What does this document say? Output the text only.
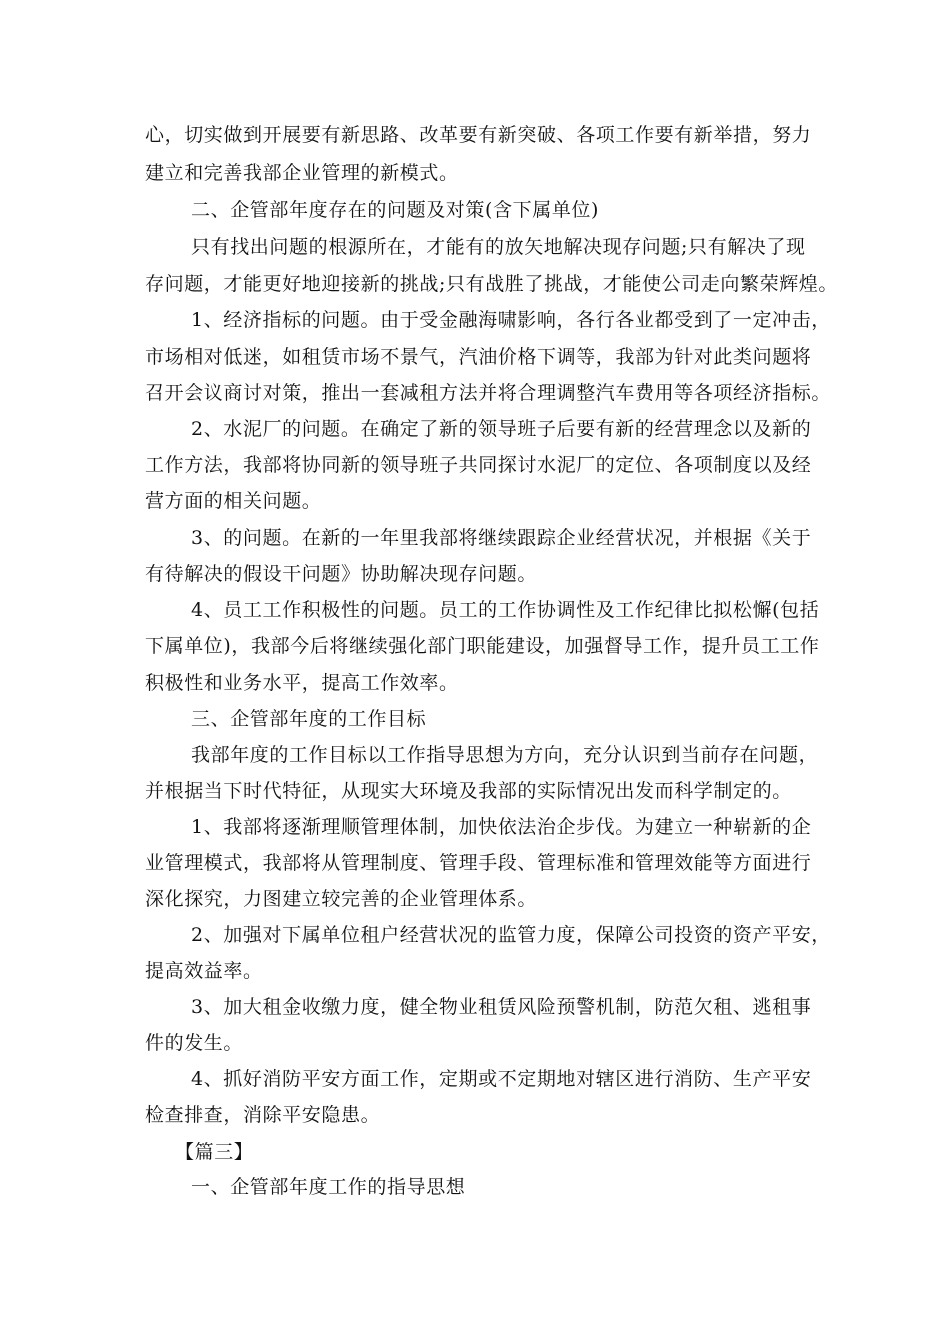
心，切实做到开展要有新思路、改革要有新突破、各项工作要有新举措，努力
建立和完善我部企业管理的新模式。
二、企管部年度存在的问题及对策(含下属单位)
只有找出问题的根源所在，才能有的放矢地解决现存问题;只有解决了现
存问题，才能更好地迎接新的挑战;只有战胜了挑战，才能使公司走向繁荣辉煌。
1、经济指标的问题。由于受金融海啸影响，各行各业都受到了一定冲击，
市场相对低迷，如租赁市场不景气，汽油价格下调等，我部为针对此类问题将
召开会议商讨对策，推出一套减租方法并将合理调整汽车费用等各项经济指标。
2、水泥厂的问题。在确定了新的领导班子后要有新的经营理念以及新的
工作方法，我部将协同新的领导班子共同探讨水泥厂的定位、各项制度以及经
营方面的相关问题。
3、的问题。在新的一年里我部将继续跟踪企业经营状况，并根据《关于
有待解决的假设干问题》协助解决现存问题。
4、员工工作积极性的问题。员工的工作协调性及工作纪律比拟松懈(包括
下属单位)，我部今后将继续强化部门职能建设，加强督导工作，提升员工工作
积极性和业务水平，提高工作效率。
三、企管部年度的工作目标
我部年度的工作目标以工作指导思想为方向，充分认识到当前存在问题，
并根据当下时代特征，从现实大环境及我部的实际情况出发而科学制定的。
1、我部将逐渐理顺管理体制，加快依法治企步伐。为建立一种崭新的企
业管理模式，我部将从管理制度、管理手段、管理标准和管理效能等方面进行
深化探究，力图建立较完善的企业管理体系。
2、加强对下属单位租户经营状况的监管力度，保障公司投资的资产平安，
提高效益率。
3、加大租金收缴力度，健全物业租赁风险预警机制，防范欠租、逃租事
件的发生。
4、抓好消防平安方面工作，定期或不定期地对辖区进行消防、生产平安
检查排查，消除平安隐患。
【篇三】
一、企管部年度工作的指导思想
